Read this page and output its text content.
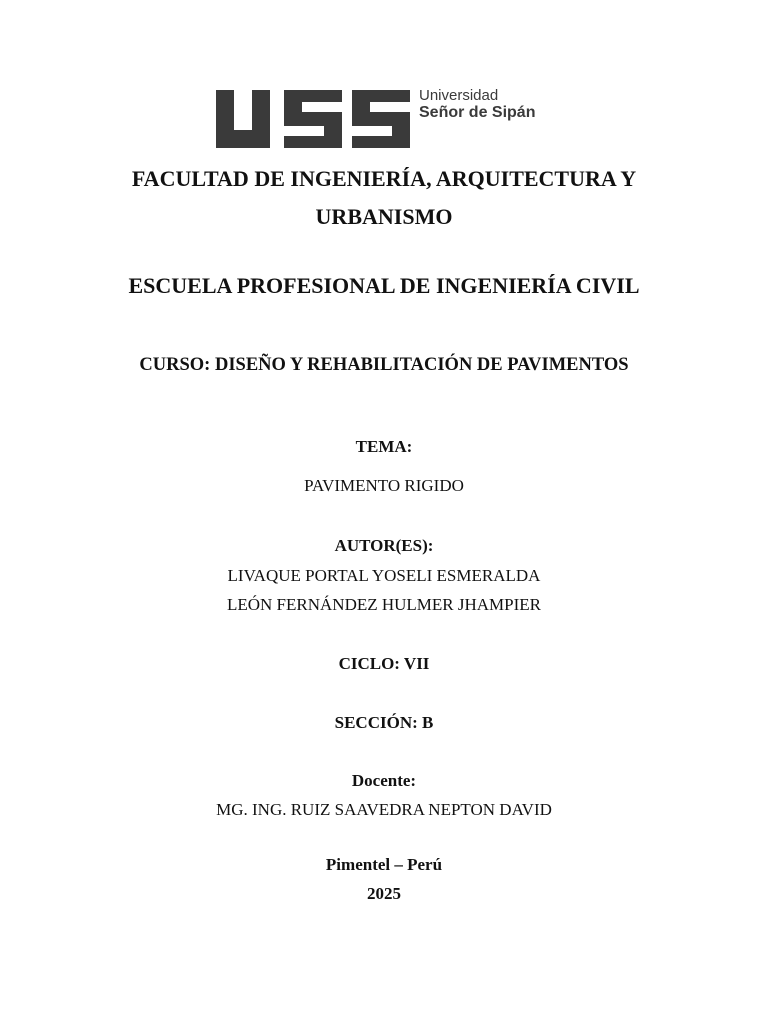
Universidad
Señor de Sipán
FACULTAD DE INGENIERÍA, ARQUITECTURA Y
URBANISMO
ESCUELA PROFESIONAL DE INGENIERÍA CIVIL
CURSO: DISEÑO Y REHABILITACIÓN DE PAVIMENTOS
TEMA:
PAVIMENTO RIGIDO
AUTOR(ES):
LIVAQUE PORTAL YOSELI ESMERALDA
LEÓN FERNÁNDEZ HULMER JHAMPIER
CICLO: VII
SECCIÓN: B
Docente:
MG. ING. RUIZ SAAVEDRA NEPTON DAVID
Pimentel – Perú
2025
